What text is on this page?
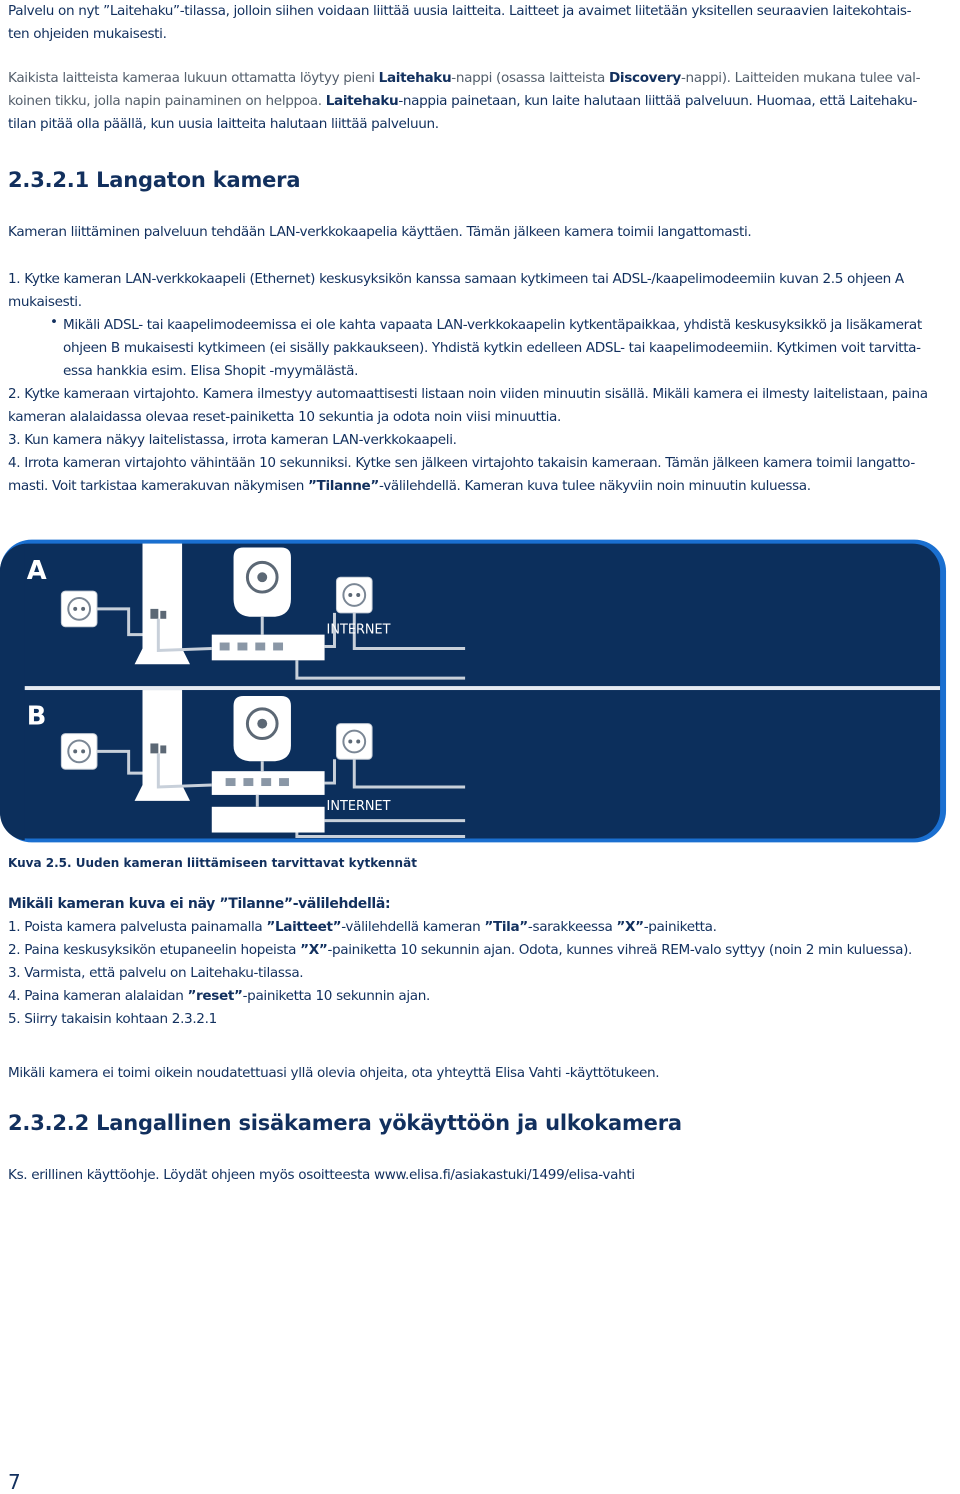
Palvelu on nyt ”Laitehaku”-tilassa, jolloin siihen voidaan liittää uusia laitteita. Laitteet ja avaimet liitetään yksitellen seuraavien laitekohtais-

ten ohjeiden mukaisesti.

Kaikista laitteista kameraa lukuun ottamatta löytyy pieni Laitehaku-nappi (osassa laitteista Discovery-nappi). Laitteiden mukana tulee val-

koinen tikku, jolla napin painaminen on helppoa. Laitehaku-nappia painetaan, kun laite halutaan liittää palveluun. Huomaa, että Laitehaku-

tilan pitää olla päällä, kun uusia laitteita halutaan liittää palveluun.

2.3.2.1 Langaton kamera

Kameran liittäminen palveluun tehdään LAN-verkkokaapelia käyttäen. Tämän jälkeen kamera toimii langattomasti.

1. Kytke kameran LAN-verkkokaapeli (Ethernet) keskusyksikön kanssa samaan kytkimeen tai ADSL-/kaapelimodeemiin kuvan 2.5 ohjeen A

mukaisesti.

• Mikäli ADSL- tai kaapelimodeemissa ei ole kahta vapaata LAN-verkkokaapelin kytkentäpaikkaa, yhdistä keskusyksikkö ja lisäkamerat

ohjeen B mukaisesti kytkimeen (ei sisälly pakkaukseen). Yhdistä kytkin edelleen ADSL- tai kaapelimodeemiin. Kytkimen voit tarvitta-

essa hankkia esim. Elisa Shopit -myymälästä.

2. Kytke kameraan virtajohto. Kamera ilmestyy automaattisesti listaan noin viiden minuutin sisällä. Mikäli kamera ei ilmesty laitelistaan, paina

kameran alalaidassa olevaa reset-painiketta 10 sekuntia ja odota noin viisi minuuttia.

3. Kun kamera näkyy laitelistassa, irrota kameran LAN-verkkokaapeli.

4. Irrota kameran virtajohto vähintään 10 sekunniksi. Kytke sen jälkeen virtajohto takaisin kameraan. Tämän jälkeen kamera toimii langatto-

masti. Voit tarkistaa kamerakuvan näkymisen ”Tilanne”-välilehdellä. Kameran kuva tulee näkyviin noin minuutin kuluessa.

A
INTERNET
B
INTERNET
Kuva 2.5. Uuden kameran liittämiseen tarvittavat kytkennät

Mikäli kameran kuva ei näy ”Tilanne”-välilehdellä:

1. Poista kamera palvelusta painamalla ”Laitteet”-välilehdellä kameran ”Tila”-sarakkeessa ”X”-painiketta.

2. Paina keskusyksikön etupaneelin hopeista ”X”-painiketta 10 sekunnin ajan. Odota, kunnes vihreä REM-valo syttyy (noin 2 min kuluessa).

3. Varmista, että palvelu on Laitehaku-tilassa.

4. Paina kameran alalaidan ”reset”-painiketta 10 sekunnin ajan.

5. Siirry takaisin kohtaan 2.3.2.1

Mikäli kamera ei toimi oikein noudatettuasi yllä olevia ohjeita, ota yhteyttä Elisa Vahti -käyttötukeen.

2.3.2.2 Langallinen sisäkamera yökäyttöön ja ulkokamera

Ks. erillinen käyttöohje. Löydät ohjeen myös osoitteesta www.elisa.fi/asiakastuki/1499/elisa-vahti

7
